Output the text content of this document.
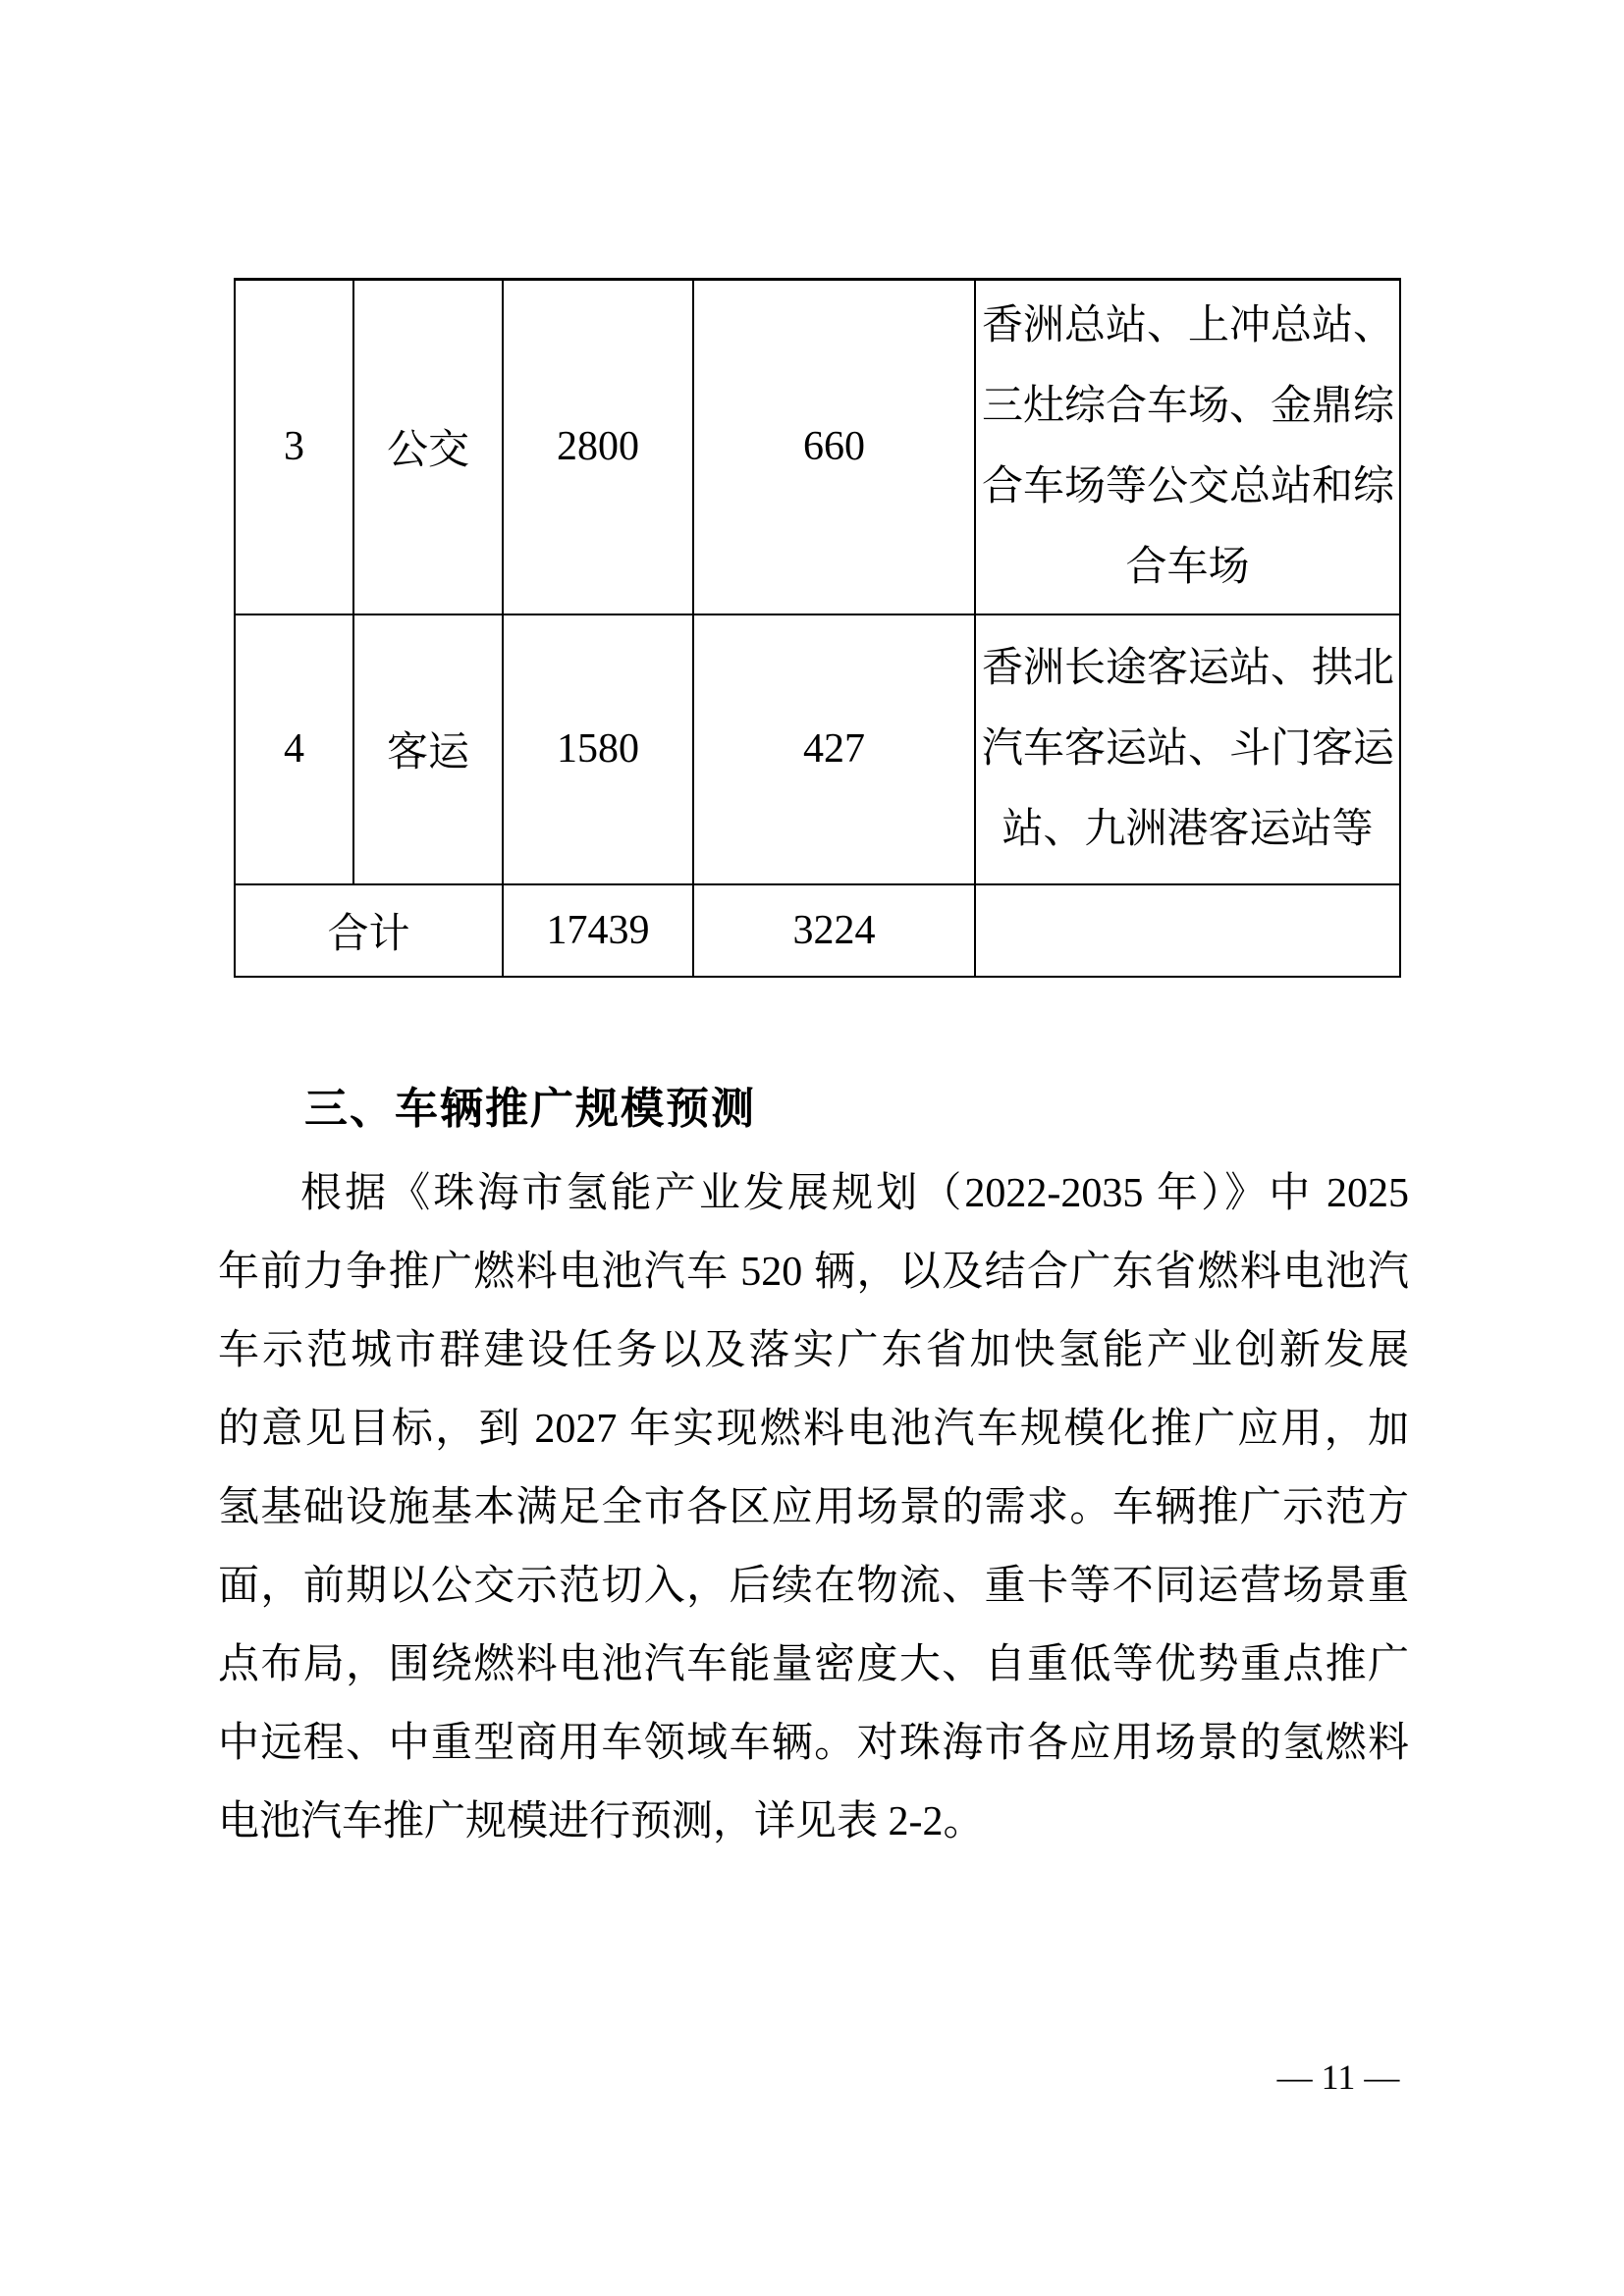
3	公交	2800	660	香洲总站、上冲总站、
三灶综合车场、金鼎综
合车场等公交总站和综
合车场

4	客运	1580	427	香洲长途客运站、拱北
汽车客运站、斗门客运
站、九洲港客运站等

合计		17439	3224	
三、车辆推广规模预测
根据《珠海市氢能产业发展规划（2022-2035 年）》中 2025
年前力争推广燃料电池汽车 520 辆，以及结合广东省燃料电池汽
车示范城市群建设任务以及落实广东省加快氢能产业创新发展
的意见目标，到 2027 年实现燃料电池汽车规模化推广应用，加
氢基础设施基本满足全市各区应用场景的需求。车辆推广示范方
面，前期以公交示范切入，后续在物流、重卡等不同运营场景重
点布局，围绕燃料电池汽车能量密度大、自重低等优势重点推广
中远程、中重型商用车领域车辆。对珠海市各应用场景的氢燃料
电池汽车推广规模进行预测，详见表 2-2。
— 11 —
